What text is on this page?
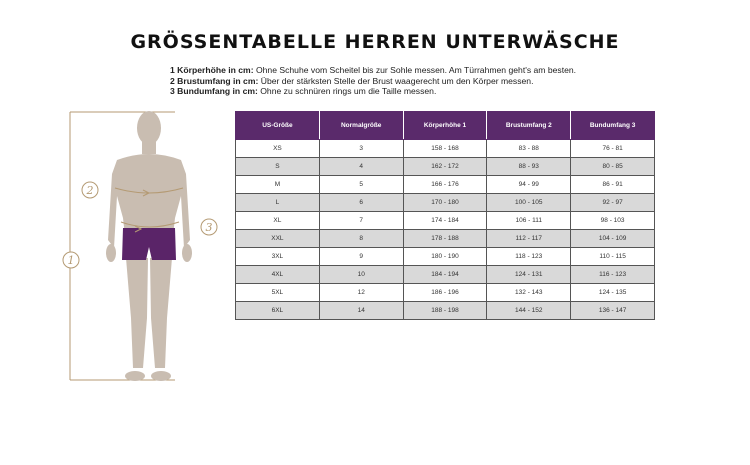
GRÖSSENTABELLE HERREN UNTERWÄSCHE
1 Körperhöhe in cm: Ohne Schuhe vom Scheitel bis zur Sohle messen. Am Türrahmen geht's am besten.
2 Brustumfang in cm: Über der stärksten Stelle der Brust waagerecht um den Körper messen.
3 Bundumfang in cm: Ohne zu schnüren rings um die Taille messen.
1
2
3
US-Größe	Normalgröße	Körperhöhe 1	Brustumfang 2	Bundumfang 3
XS	3	158 - 168	83 - 88	76 - 81
S	4	162 - 172	88 - 93	80 - 85
M	5	166 - 176	94 - 99	86 - 91
L	6	170 - 180	100 - 105	92 - 97
XL	7	174 - 184	106 - 111	98 - 103
XXL	8	178 - 188	112 - 117	104 - 109
3XL	9	180 - 190	118 - 123	110 - 115
4XL	10	184 - 194	124 - 131	116 - 123
5XL	12	186 - 196	132 - 143	124 - 135
6XL	14	188 - 198	144 - 152	136 - 147
